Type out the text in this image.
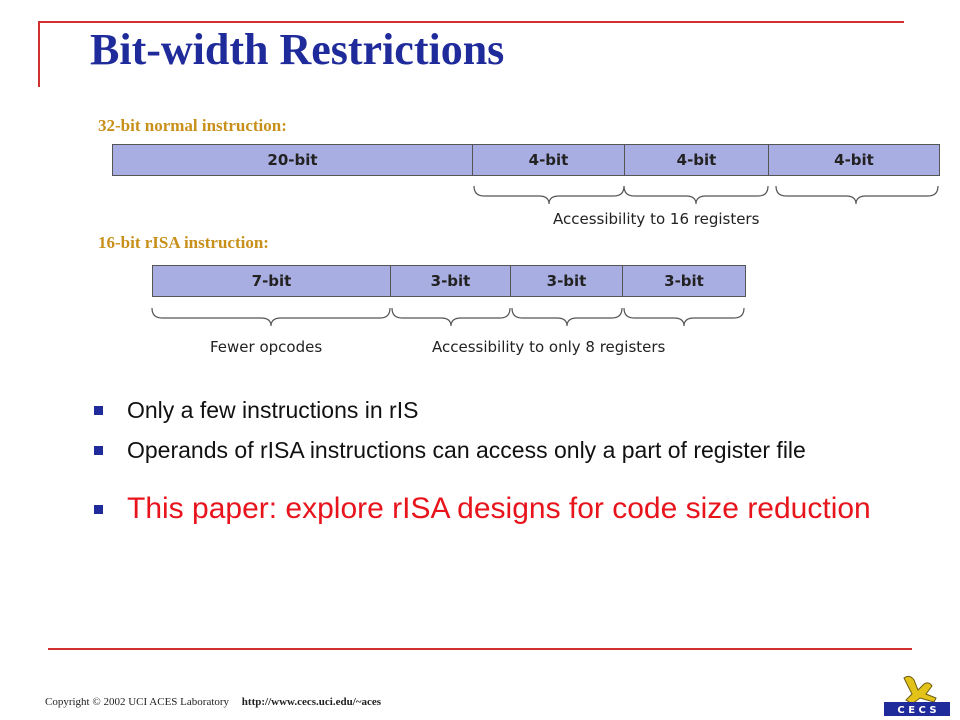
Bit-width Restrictions
32-bit normal instruction:
20-bit	4-bit	4-bit	4-bit
Accessibility to 16 registers
16-bit rISA instruction:
7-bit	3-bit	3-bit	3-bit
Fewer opcodes	Accessibility to only 8 registers
Only a few instructions in rIS
Operands of rISA instructions can access only a part of register file
This paper: explore rISA designs for code size reduction
Copyright © 2002 UCI ACES Laboratory http://www.cecs.uci.edu/~aces
C E C S
